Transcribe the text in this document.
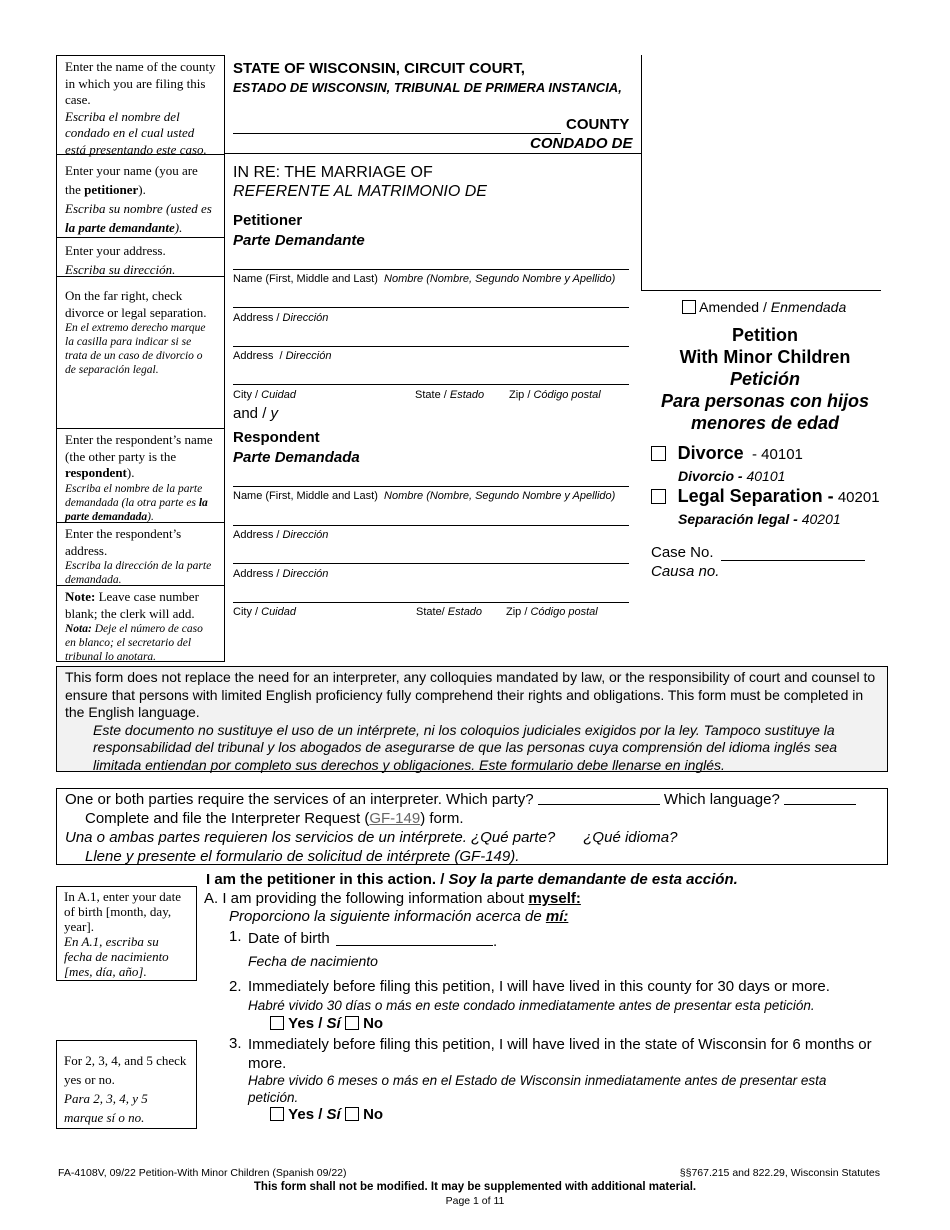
Enter the name of the county in which you are filing this case.
Escriba el nombre del condado en el cual usted está presentando este caso.
Enter your name (you are the petitioner).
Escriba su nombre (usted es la parte demandante).
Enter your address.
Escriba su dirección.
On the far right, check divorce or legal separation.
En el extremo derecho marque la casilla para indicar si se trata de un caso de divorcio o de separación legal.
Enter the respondent’s name (the other party is the respondent).
Escriba el nombre de la parte demandada (la otra parte es la parte demandada).
Enter the respondent’s address.
Escriba la dirección de la parte demandada.
Note: Leave case number blank; the clerk will add.
Nota: Deje el número de caso en blanco; el secretario del tribunal lo anotara.
STATE OF WISCONSIN, CIRCUIT COURT,
ESTADO DE WISCONSIN, TRIBUNAL DE PRIMERA INSTANCIA,
COUNTY
CONDADO DE
IN RE: THE MARRIAGE OF
REFERENTE AL MATRIMONIO DE
Petitioner
Parte Demandante
Name (First, Middle and Last) Nombre (Nombre, Segundo Nombre y Apellido)
Address / Dirección
Address  / Dirección
City / Cuidad	State / Estado Zip / Código postal
and / y
Respondent
Parte Demandada
Name (First, Middle and Last) Nombre (Nombre, Segundo Nombre y Apellido)
Address / Dirección
Address / Dirección
City / Cuidad	State/ Estado Zip / Código postal
Amended / Enmendada
Petition
With Minor Children
Petición
Para personas con hijos menores de edad
Divorce  - 40101
Divorcio - 40101
Legal Separation - 40201
Separación legal - 40201
Case No.
Causa no.
This form does not replace the need for an interpreter, any colloquies mandated by law, or the responsibility of court and counsel to ensure that persons with limited English proficiency fully comprehend their rights and obligations. This form must be completed in the English language.
Este documento no sustituye el uso de un intérprete, ni los coloquios judiciales exigidos por la ley. Tampoco sustituye la responsabilidad del tribunal y los abogados de asegurarse de que las personas cuya comprensión del idioma inglés sea limitada entiendan por completo sus derechos y obligaciones. Este formulario debe llenarse en inglés.
One or both parties require the services of an interpreter. Which party?	Which language?
Complete and file the Interpreter Request (GF-149) form.
Una o ambas partes requieren los servicios de un intérprete. ¿Qué parte? ¿Qué idioma?
Llene y presente el formulario de solicitud de intérprete (GF-149).
I am the petitioner in this action. / Soy la parte demandante de esta acción.
In A.1, enter your date of birth [month, day, year].
En A.1, escriba su fecha de nacimiento [mes, día, año].
A. I am providing the following information about myself:
Proporciono la siguiente información acerca de mí:
1. Date of birth	.
Fecha de nacimiento
2. Immediately before filing this petition, I will have lived in this county for 30 days or more.
Habré vivido 30 días o más en este condado inmediatamente antes de presentar esta petición.
Yes / Sí No
3. Immediately before filing this petition, I will have lived in the state of Wisconsin for 6 months or more.
Habre vivido 6 meses o más en el Estado de Wisconsin inmediatamente antes de presentar esta petición.
Yes / Sí No
For 2, 3, 4, and 5 check yes or no.
Para 2, 3, 4, y 5 marque sí o no.
FA-4108V, 09/22 Petition-With Minor Children (Spanish 09/22)	§§767.215 and 822.29, Wisconsin Statutes
This form shall not be modified. It may be supplemented with additional material.
Page 1 of 11
